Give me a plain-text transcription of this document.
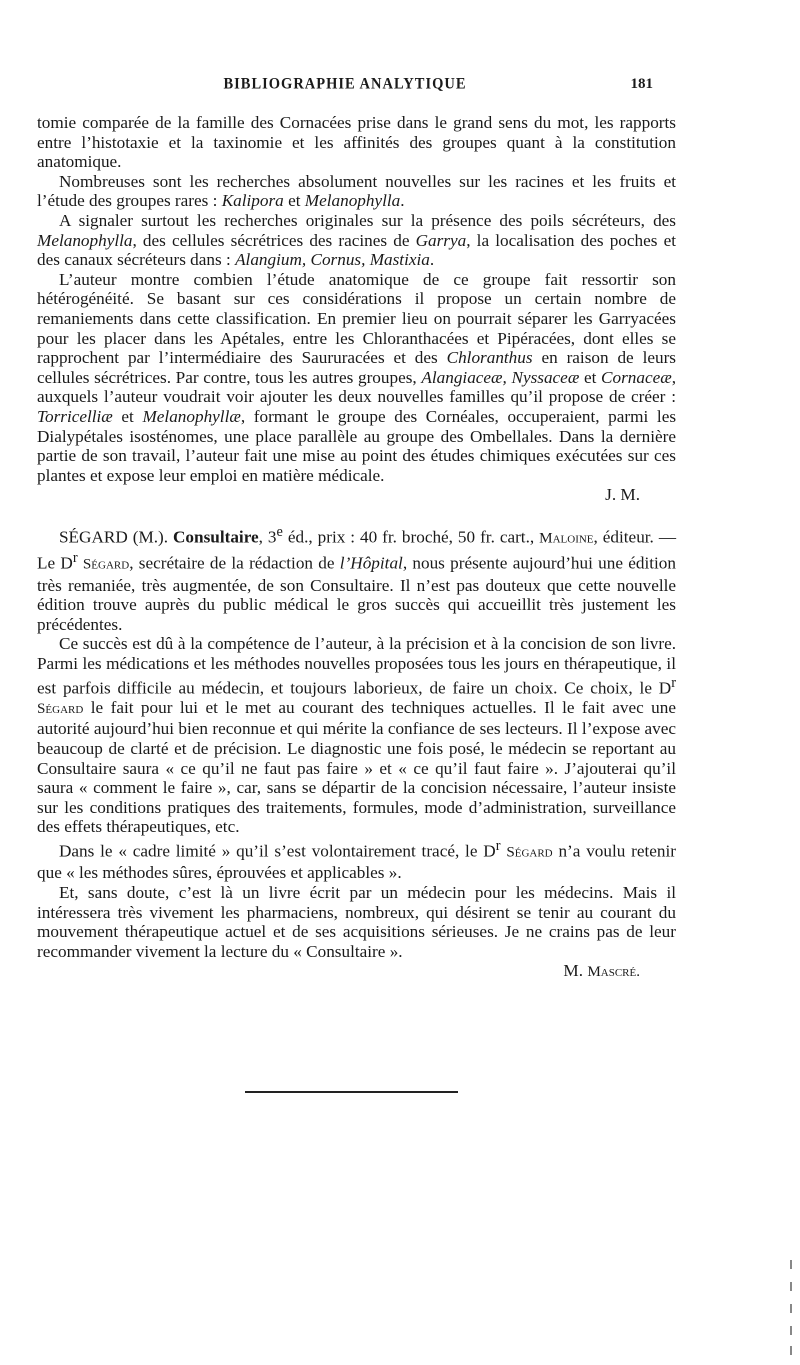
BIBLIOGRAPHIE ANALYTIQUE	181

tomie comparée de la famille des Cornacées prise dans le grand sens du mot, les rapports entre l’histotaxie et la taxinomie et les affinités des groupes quant à la constitution anatomique.

Nombreuses sont les recherches absolument nouvelles sur les racines et les fruits et l’étude des groupes rares : Kalipora et Melanophylla.

A signaler surtout les recherches originales sur la présence des poils sécréteurs, des Melanophylla, des cellules sécrétrices des racines de Garrya, la localisation des poches et des canaux sécréteurs dans : Alangium, Cornus, Mastixia.

L’auteur montre combien l’étude anatomique de ce groupe fait ressortir son hétérogénéité. Se basant sur ces considérations il propose un certain nombre de remaniements dans cette classification. En premier lieu on pourrait séparer les Garryacées pour les placer dans les Apétales, entre les Chloranthacées et Pipéracées, dont elles se rapprochent par l’intermédiaire des Saururacées et des Chloranthus en raison de leurs cellules sécrétrices. Par contre, tous les autres groupes, Alangiaceæ, Nyssaceæ et Cornaceæ, auxquels l’auteur voudrait voir ajouter les deux nouvelles familles qu’il propose de créer : Torricelliæ et Melanophyllæ, formant le groupe des Cornéales, occuperaient, parmi les Dialypétales isosténomes, une place parallèle au groupe des Ombellales. Dans la dernière partie de son travail, l’auteur fait une mise au point des études chimiques exécutées sur ces plantes et expose leur emploi en matière médicale.

J. M.

SÉGARD (M.). Consultaire, 3e éd., prix : 40 fr. broché, 50 fr. cart., Maloine, éditeur. — Le $D^r$ Ségard, secrétaire de la rédaction de l’Hôpital, nous présente aujourd’hui une édition très remaniée, très augmentée, de son Consultaire. Il n’est pas douteux que cette nouvelle édition trouve auprès du public médical le gros succès qui accueillit très justement les précédentes.

Ce succès est dû à la compétence de l’auteur, à la précision et à la concision de son livre. Parmi les médications et les méthodes nouvelles proposées tous les jours en thérapeutique, il est parfois difficile au médecin, et toujours laborieux, de faire un choix. Ce choix, le $D^r$ Ségard le fait pour lui et le met au courant des techniques actuelles. Il le fait avec une autorité aujourd’hui bien reconnue et qui mérite la confiance de ses lecteurs. Il l’expose avec beaucoup de clarté et de précision. Le diagnostic une fois posé, le médecin se reportant au Consultaire saura « ce qu’il ne faut pas faire » et « ce qu’il faut faire ». J’ajouterai qu’il saura « comment le faire », car, sans se départir de la concision nécessaire, l’auteur insiste sur les conditions pratiques des traitements, formules, mode d’administration, surveillance des effets thérapeutiques, etc.

Dans le « cadre limité » qu’il s’est volontairement tracé, le $D^r$ Ségard n’a voulu retenir que « les méthodes sûres, éprouvées et applicables ».

Et, sans doute, c’est là un livre écrit par un médecin pour les médecins. Mais il intéressera très vivement les pharmaciens, nombreux, qui désirent se tenir au courant du mouvement thérapeutique actuel et de ses acquisitions sérieuses. Je ne crains pas de leur recommander vivement la lecture du « Consultaire ».

M. Mascré.
